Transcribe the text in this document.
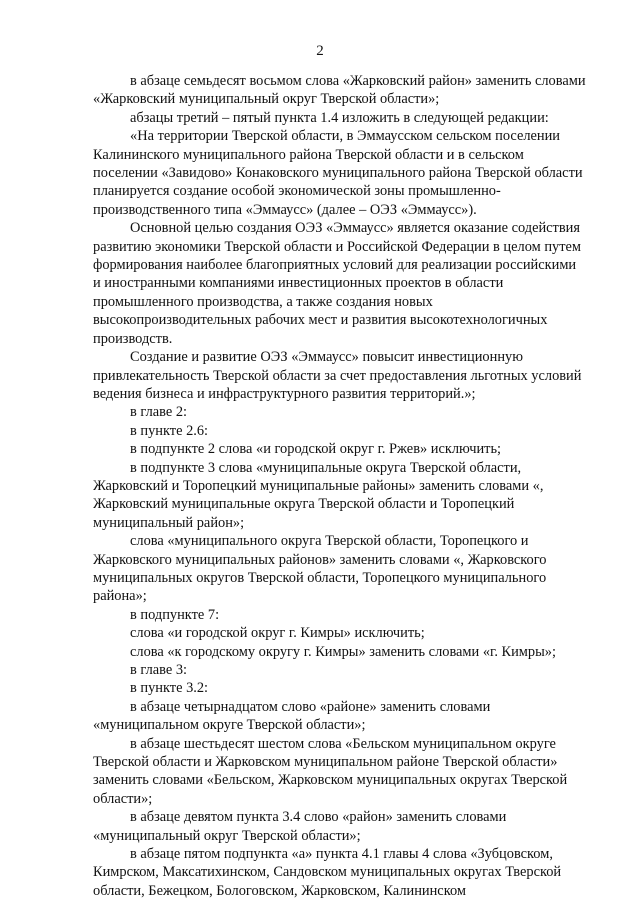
2

в абзаце семьдесят восьмом слова «Жарковский район» заменить словами «Жарковский муниципальный округ Тверской области»;

абзацы третий – пятый пункта 1.4 изложить в следующей редакции:

«На территории Тверской области, в Эммаусском сельском поселении Калининского муниципального района Тверской области и в сельском поселении «Завидово» Конаковского муниципального района Тверской области планируется создание особой экономической зоны промышленно-производственного типа «Эммаусс» (далее – ОЭЗ «Эммаусс»).

Основной целью создания ОЭЗ «Эммаусс» является оказание содействия развитию экономики Тверской области и Российской Федерации в целом путем формирования наиболее благоприятных условий для реализации российскими и иностранными компаниями инвестиционных проектов в области промышленного производства, а также создания новых высокопроизводительных рабочих мест и развития высокотехнологичных производств.

Создание и развитие ОЭЗ «Эммаусс» повысит инвестиционную привлекательность Тверской области за счет предоставления льготных условий ведения бизнеса и инфраструктурного развития территорий.»;

в главе 2:

в пункте 2.6:

в подпункте 2 слова «и городской округ г. Ржев» исключить;

в подпункте 3 слова «муниципальные округа Тверской области, Жарковский и Торопецкий муниципальные районы» заменить словами «, Жарковский муниципальные округа Тверской области и Торопецкий муниципальный район»;

слова «муниципального округа Тверской области, Торопецкого и Жарковского муниципальных районов» заменить словами «, Жарковского муниципальных округов Тверской области, Торопецкого муниципального района»;

в подпункте 7:

слова «и городской округ г. Кимры» исключить;

слова «к городскому округу г. Кимры» заменить словами «г. Кимры»;

в главе 3:

в пункте 3.2:

в абзаце четырнадцатом слово «районе» заменить словами «муниципальном округе Тверской области»;

в абзаце шестьдесят шестом слова «Бельском муниципальном округе Тверской области и Жарковском муниципальном районе Тверской области» заменить словами «Бельском, Жарковском муниципальных округах Тверской области»;

в абзаце девятом пункта 3.4 слово «район» заменить словами «муниципальный округ Тверской области»;

в абзаце пятом подпункта «а» пункта 4.1 главы 4 слова «Зубцовском, Кимрском, Максатихинском, Сандовском муниципальных округах Тверской области, Бежецком, Бологовском, Жарковском, Калининском
